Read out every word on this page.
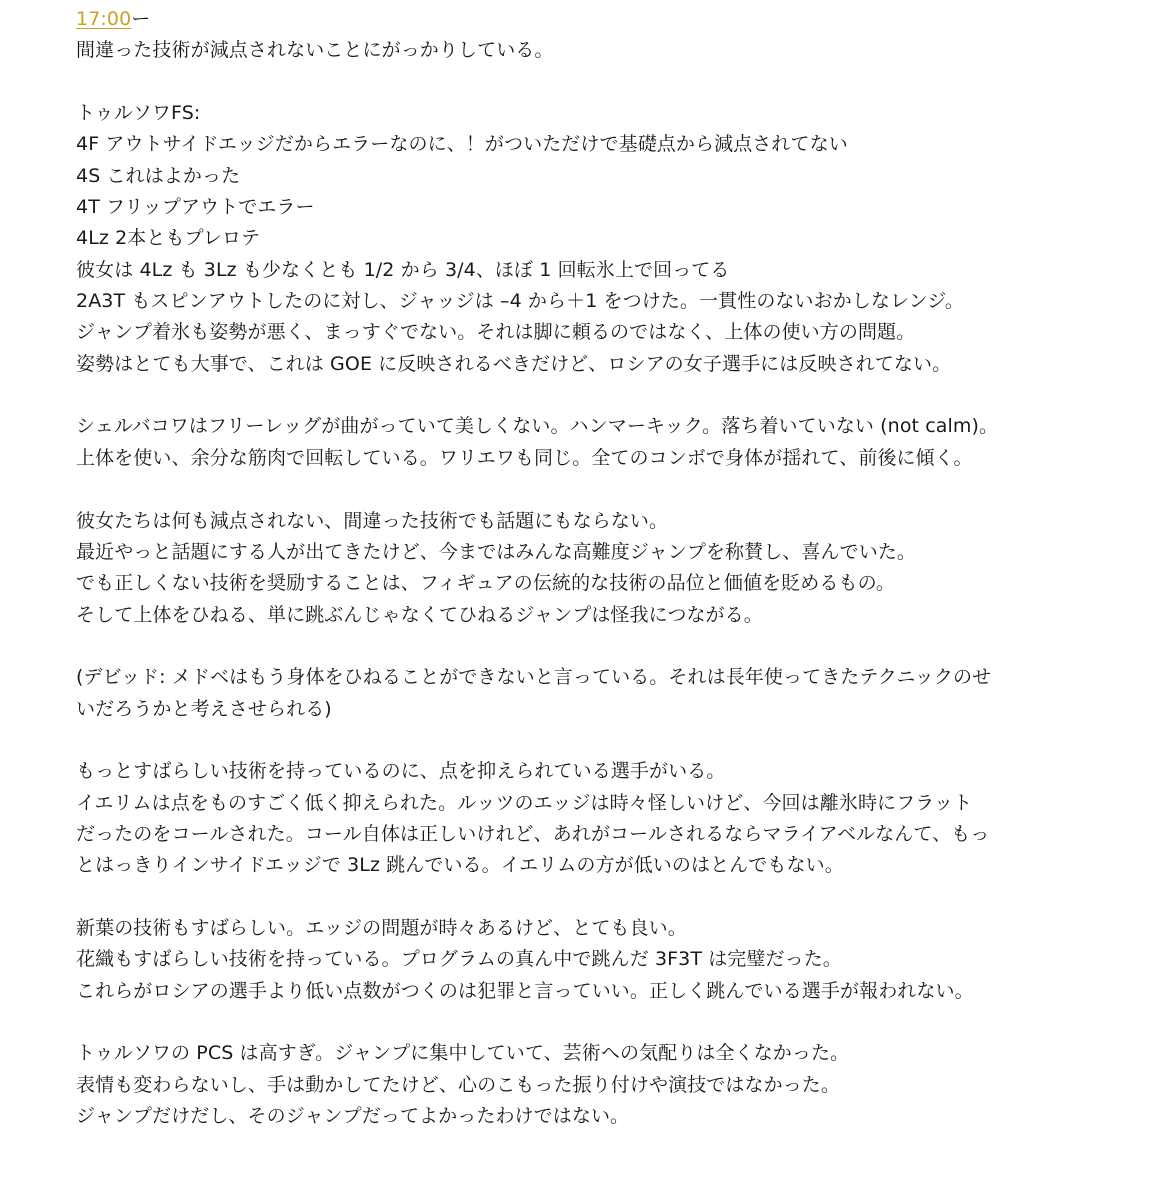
17:00ー
間違った技術が減点されないことにがっかりしている。
トゥルソワFS:
4F アウトサイドエッジだからエラーなのに、！がついただけで基礎点から減点されてない
4S これはよかった
4T フリップアウトでエラー
4Lz 2本ともプレロテ
彼女は 4Lz も 3Lz も少なくとも 1/2 から 3/4、ほぼ 1 回転氷上で回ってる
2A3T もスピンアウトしたのに対し、ジャッジは –4 から＋1 をつけた。一貫性のないおかしなレンジ。
ジャンプ着氷も姿勢が悪く、まっすぐでない。それは脚に頼るのではなく、上体の使い方の問題。
姿勢はとても大事で、これは GOE に反映されるべきだけど、ロシアの女子選手には反映されてない。
シェルバコワはフリーレッグが曲がっていて美しくない。ハンマーキック。落ち着いていない (not calm)。
上体を使い、余分な筋肉で回転している。ワリエワも同じ。全てのコンボで身体が揺れて、前後に傾く。
彼女たちは何も減点されない、間違った技術でも話題にもならない。
最近やっと話題にする人が出てきたけど、今まではみんな高難度ジャンプを称賛し、喜んでいた。
でも正しくない技術を奨励することは、フィギュアの伝統的な技術の品位と価値を貶めるもの。
そして上体をひねる、単に跳ぶんじゃなくてひねるジャンプは怪我につながる。
(デビッド: メドベはもう身体をひねることができないと言っている。それは長年使ってきたテクニックのせ
いだろうかと考えさせられる)
もっとすばらしい技術を持っているのに、点を抑えられている選手がいる。
イエリムは点をものすごく低く抑えられた。ルッツのエッジは時々怪しいけど、今回は離氷時にフラット
だったのをコールされた。コール自体は正しいけれど、あれがコールされるならマライアベルなんて、もっ
とはっきりインサイドエッジで 3Lz 跳んでいる。イエリムの方が低いのはとんでもない。
新葉の技術もすばらしい。エッジの問題が時々あるけど、とても良い。
花織もすばらしい技術を持っている。プログラムの真ん中で跳んだ 3F3T は完璧だった。
これらがロシアの選手より低い点数がつくのは犯罪と言っていい。正しく跳んでいる選手が報われない。
トゥルソワの PCS は高すぎ。ジャンプに集中していて、芸術への気配りは全くなかった。
表情も変わらないし、手は動かしてたけど、心のこもった振り付けや演技ではなかった。
ジャンプだけだし、そのジャンプだってよかったわけではない。
